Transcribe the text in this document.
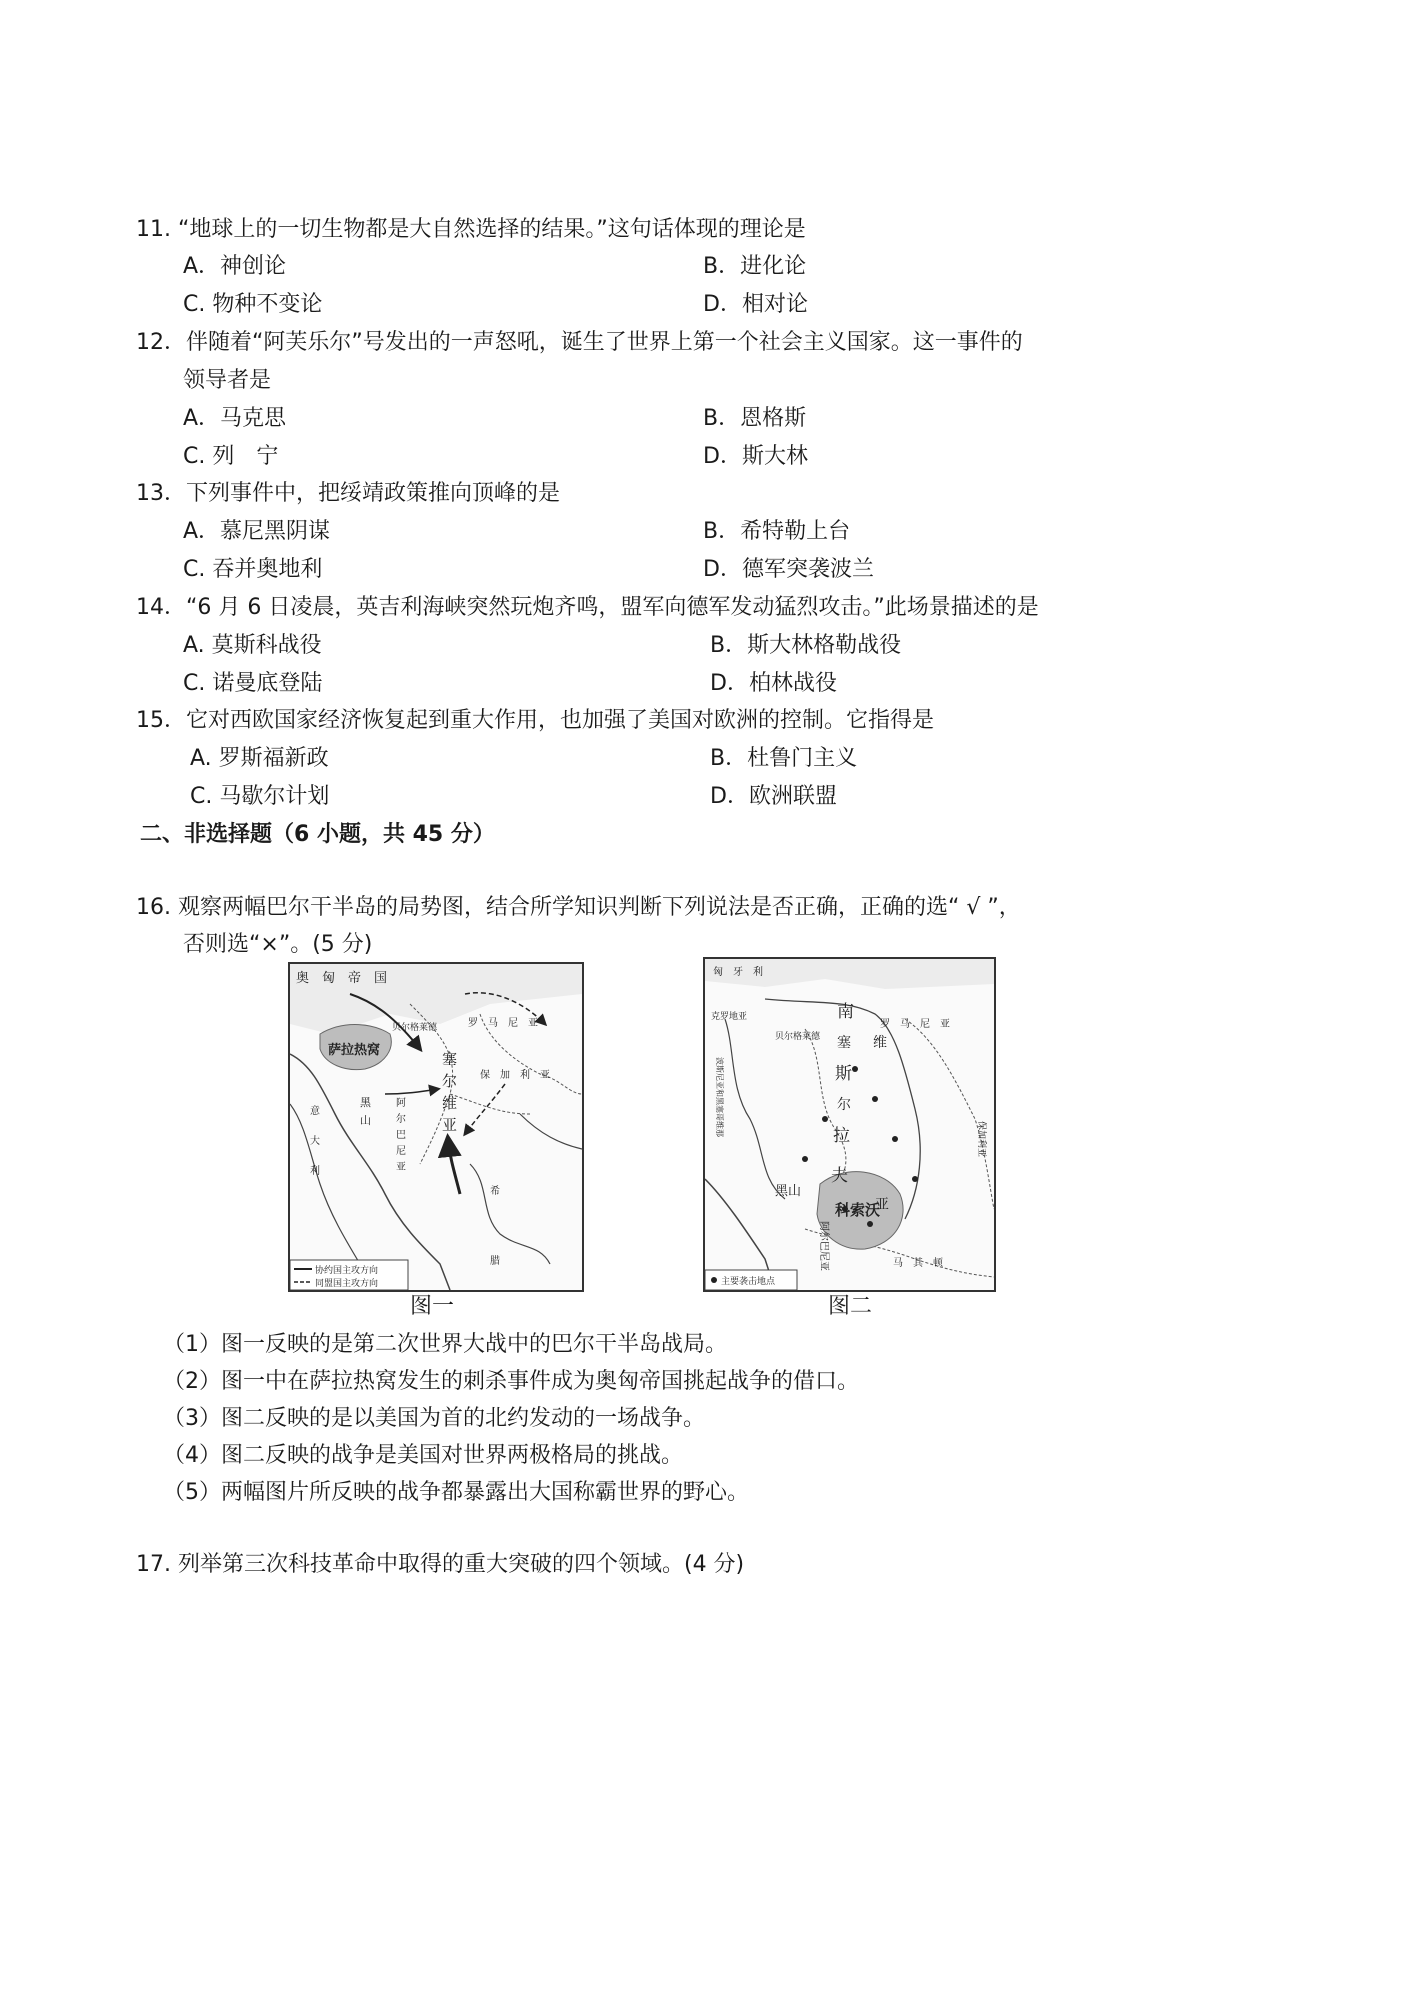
11. “地球上的一切生物都是大自然选择的结果。”这句话体现的理论是
A．神创论	B．进化论
C. 物种不变论	D．相对论
12．伴随着“阿芙乐尔”号发出的一声怒吼，诞生了世界上第一个社会主义国家。这一事件的
领导者是
A．马克思	B．恩格斯
C. 列　宁	D．斯大林
13．下列事件中，把绥靖政策推向顶峰的是
A．慕尼黑阴谋	B．希特勒上台
C. 吞并奥地利	D．德军突袭波兰
14．“6 月 6 日凌晨，英吉利海峡突然玩炮齐鸣，盟军向德军发动猛烈攻击。”此场景描述的是
A. 莫斯科战役	B．斯大林格勒战役
C. 诺曼底登陆	D．柏林战役
15．它对西欧国家经济恢复起到重大作用，也加强了美国对欧洲的控制。它指得是
A. 罗斯福新政	B．杜鲁门主义
C. 马歇尔计划	D．欧洲联盟
二、非选择题（6 小题，共 45 分）
16. 观察两幅巴尔干半岛的局势图，结合所学知识判断下列说法是否正确，正确的选“ √ ”，
否则选“×”。(5 分)
奥　匈　帝　国
萨拉热窝
贝尔格莱德	罗　马　尼　亚
塞
尔
维
亚
保　加　利　亚
黑
山
阿
尔
巴
尼
亚
意
大
利
希
腊
协约国主攻方向
同盟国主攻方向
图一
匈　牙　利
罗　马　尼　亚
克罗地亚
贝尔格莱德
波斯尼亚和黑塞哥维那
南
斯
拉
夫
塞
尔
维
亚
黑山
科索沃
阿尔巴尼亚	马　其　顿
保加利亚
主要袭击地点
图二
（1）图一反映的是第二次世界大战中的巴尔干半岛战局。
（2）图一中在萨拉热窝发生的刺杀事件成为奥匈帝国挑起战争的借口。
（3）图二反映的是以美国为首的北约发动的一场战争。
（4）图二反映的战争是美国对世界两极格局的挑战。
（5）两幅图片所反映的战争都暴露出大国称霸世界的野心。
17. 列举第三次科技革命中取得的重大突破的四个领域。(4 分)
